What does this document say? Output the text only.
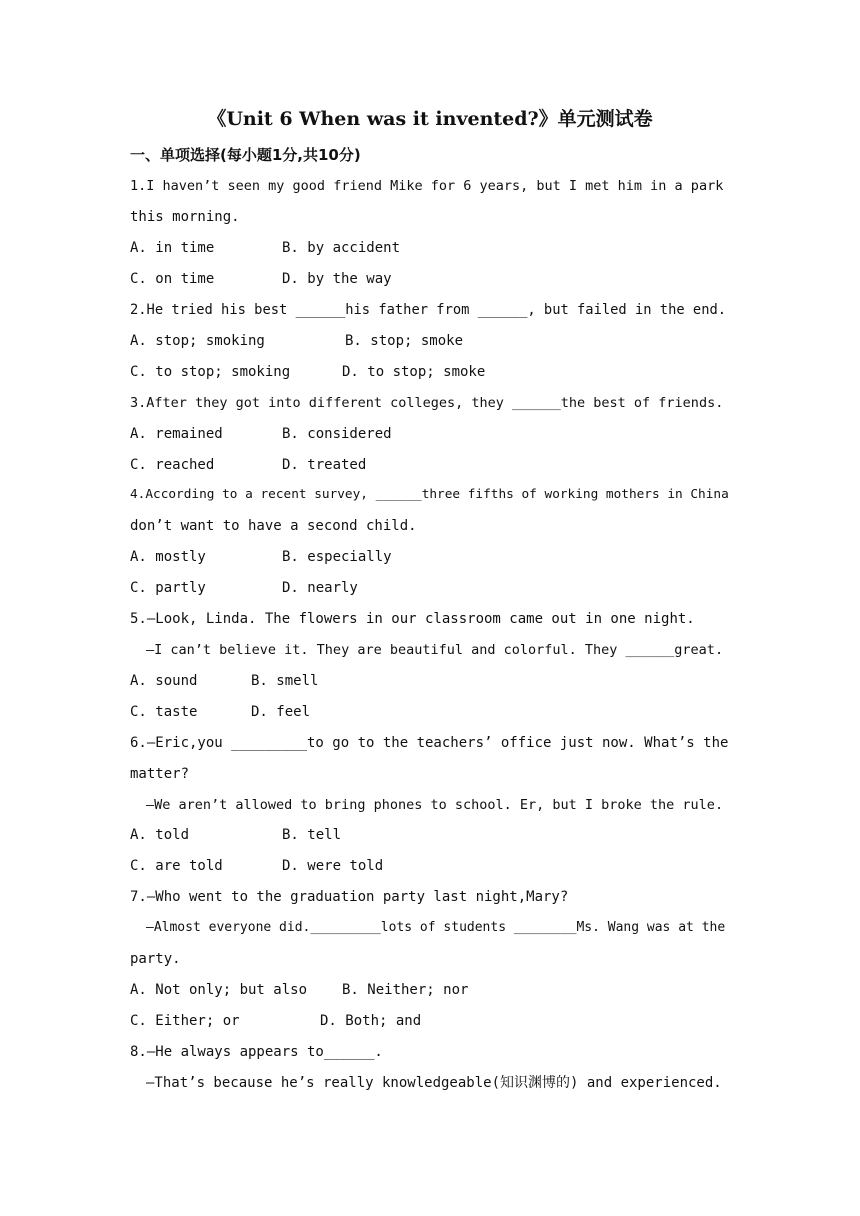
《Unit 6 When was it invented?》单元测试卷
一、单项选择(每小题1分,共10分)
1.I haven’t seen my good friend Mike for 6 years, but I met him in a park
this morning.
A. in time	B. by accident
C. on time	D. by the way
2.He tried his best ______his father from ______, but failed in the end.
A. stop; smoking	B. stop; smoke
C. to stop; smoking	D. to stop; smoke
3.After they got into different colleges, they ______the best of friends.
A. remained	B. considered
C. reached	D. treated
4.According to a recent survey, ______three fifths of working mothers in China
don’t want to have a second child.
A. mostly	B. especially
C. partly	D. nearly
5.—Look, Linda. The flowers in our classroom came out in one night.
—I can’t believe it. They are beautiful and colorful. They ______great.
A. sound	B. smell
C. taste	D. feel
6.—Eric,you _________to go to the teachers’ office just now. What’s the
matter?
—We aren’t allowed to bring phones to school. Er, but I broke the rule.
A. told	B. tell
C. are told	D. were told
7.—Who went to the graduation party last night,Mary?
—Almost everyone did._________lots of students ________Ms. Wang was at the
party.
A. Not only; but also B. Neither; nor
C. Either; or	D. Both; and
8.—He always appears to______.
—That’s because he’s really knowledgeable(知识渊博的) and experienced.
